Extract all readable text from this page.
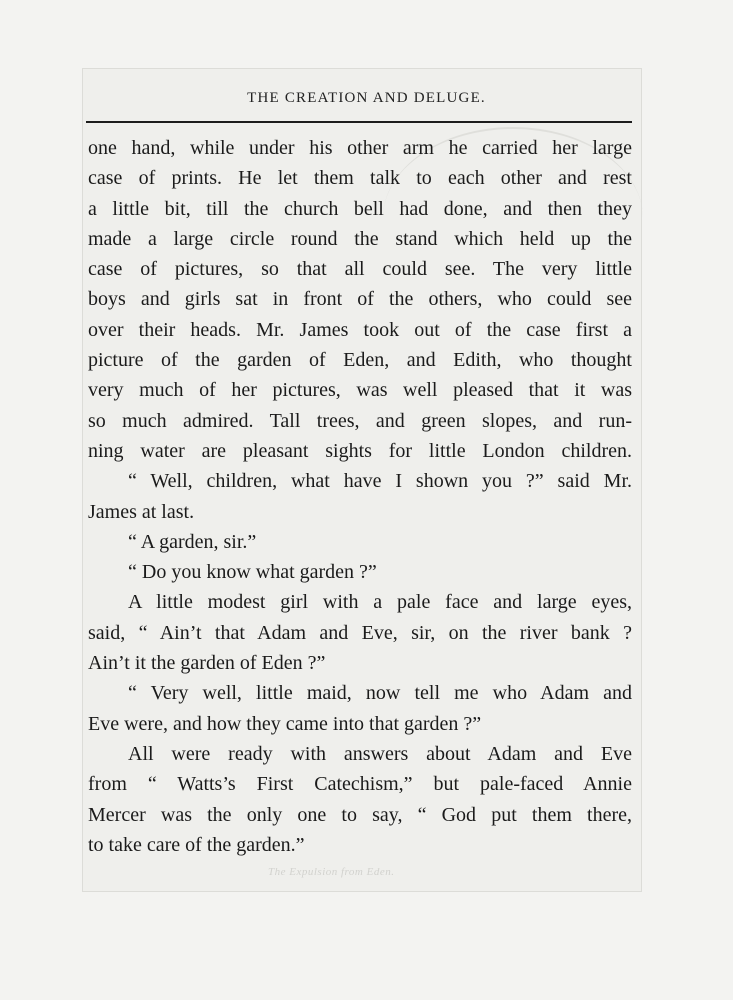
The Expulsion from Eden.
THE CREATION AND DELUGE.
one hand, while under his other arm he carried her large
case of prints. He let them talk to each other and rest
a little bit, till the church bell had done, and then they
made a large circle round the stand which held up the
case of pictures, so that all could see. The very little
boys and girls sat in front of the others, who could see
over their heads. Mr. James took out of the case first a
picture of the garden of Eden, and Edith, who thought
very much of her pictures, was well pleased that it was
so much admired. Tall trees, and green slopes, and run-
ning water are pleasant sights for little London children.
“ Well, children, what have I shown you ?” said Mr.
James at last.
“ A garden, sir.”
“ Do you know what garden ?”
A little modest girl with a pale face and large eyes,
said, “ Ain’t that Adam and Eve, sir, on the river bank ?
Ain’t it the garden of Eden ?”
“ Very well, little maid, now tell me who Adam and
Eve were, and how they came into that garden ?”
All were ready with answers about Adam and Eve
from “ Watts’s First Catechism,” but pale-faced Annie
Mercer was the only one to say, “ God put them there,
to take care of the garden.”
